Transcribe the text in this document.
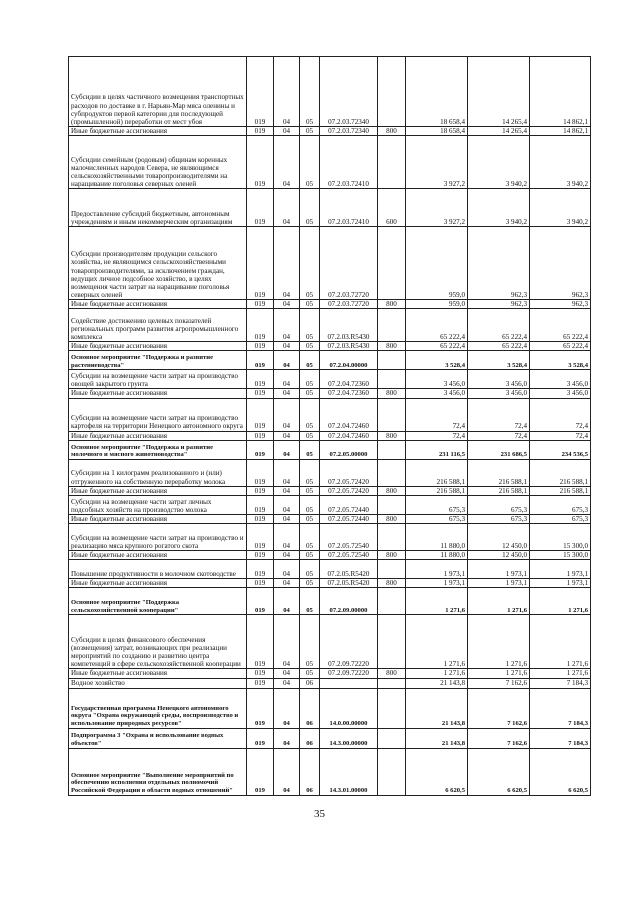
Субсидии в целях частичного возмещения транспортных расходов по доставке в г. Нарьян-Мар мяса оленины и субпродуктов первой категории для последующей (промышленной) переработки от мест убоя	019	04	05	07.2.03.72340		18 658,4	14 265,4	14 862,1
Иные бюджетные ассигнования	019	04	05	07.2.03.72340	800	18 658,4	14 265,4	14 862,1
Субсидии семейным (родовым) общинам коренных малочисленных народов Севера, не являющимся сельскохозяйственными товаропроизводителями на наращивание поголовья северных оленей	019	04	05	07.2.03.72410		3 927,2	3 940,2	3 940,2
Предоставление субсидий бюджетным, автономным учреждениям и иным некоммерческим организациям	019	04	05	07.2.03.72410	600	3 927,2	3 940,2	3 940,2
Субсидии производителям продукции сельского хозяйства, не являющимся сельскохозяйственными товаропроизводителями, за исключением граждан, ведущих личное подсобное хозяйство, в целях возмещения части затрат на наращивание поголовья северных оленей	019	04	05	07.2.03.72720		959,0	962,3	962,3
Иные бюджетные ассигнования	019	04	05	07.2.03.72720	800	959,0	962,3	962,3
Содействие достижению целевых показателей региональных программ развития агропромышленного комплекса	019	04	05	07.2.03.R5430		65 222,4	65 222,4	65 222,4
Иные бюджетные ассигнования	019	04	05	07.2.03.R5430	800	65 222,4	65 222,4	65 222,4
Основное мероприятие "Поддержка и развитие растениеводства"	019	04	05	07.2.04.00000		3 528,4	3 528,4	3 528,4
Субсидии на возмещение части затрат на производство овощей закрытого грунта	019	04	05	07.2.04.72360		3 456,0	3 456,0	3 456,0
Иные бюджетные ассигнования	019	04	05	07.2.04.72360	800	3 456,0	3 456,0	3 456,0
Субсидии на возмещение части затрат на производство картофеля на территории Ненецкого автономного округа	019	04	05	07.2.04.72460		72,4	72,4	72,4
Иные бюджетные ассигнования	019	04	05	07.2.04.72460	800	72,4	72,4	72,4
Основное мероприятие "Поддержка и развитие молочного и мясного животноводства"	019	04	05	07.2.05.00000		231 116,5	231 686,5	234 536,5
Субсидии на 1 килограмм реализованного и (или) отгруженного на собственную переработку молока	019	04	05	07.2.05.72420		216 588,1	216 588,1	216 588,1
Иные бюджетные ассигнования	019	04	05	07.2.05.72420	800	216 588,1	216 588,1	216 588,1
Субсидии на возмещение части затрат личных подсобных хозяйств на производство молока	019	04	05	07.2.05.72440		675,3	675,3	675,3
Иные бюджетные ассигнования	019	04	05	07.2.05.72440	800	675,3	675,3	675,3
Субсидии на возмещение части затрат на производство и реализацию мяса крупного рогатого скота	019	04	05	07.2.05.72540		11 880,0	12 450,0	15 300,0
Иные бюджетные ассигнования	019	04	05	07.2.05.72540	800	11 880,0	12 450,0	15 300,0
Повышение продуктивности в молочном скотоводстве	019	04	05	07.2.05.R5420		1 973,1	1 973,1	1 973,1
Иные бюджетные ассигнования	019	04	05	07.2.05.R5420	800	1 973,1	1 973,1	1 973,1
Основное мероприятие "Поддержка сельскохозяйственной кооперации"	019	04	05	07.2.09.00000		1 271,6	1 271,6	1 271,6
Субсидии в целях финансового обеспечения (возмещения) затрат, возникающих при реализации мероприятий по созданию и развитию центра компетенций в сфере сельскохозяйственной кооперации	019	04	05	07.2.09.72220		1 271,6	1 271,6	1 271,6
Иные бюджетные ассигнования	019	04	05	07.2.09.72220	800	1 271,6	1 271,6	1 271,6
Водное хозяйство	019	04	06			21 143,8	7 162,6	7 184,3
Государственная программа Ненецкого автономного округа "Охрана окружающей среды, воспроизводство и использование природных ресурсов"	019	04	06	14.0.00.00000		21 143,8	7 162,6	7 184,3
Подпрограмма 3 "Охрана и использование водных объектов"	019	04	06	14.3.00.00000		21 143,8	7 162,6	7 184,3
Основное мероприятие "Выполнение мероприятий по обеспечению исполнения отдельных полномочий Российской Федерации в области водных отношений"	019	04	06	14.3.01.00000		6 620,5	6 620,5	6 620,5
35
